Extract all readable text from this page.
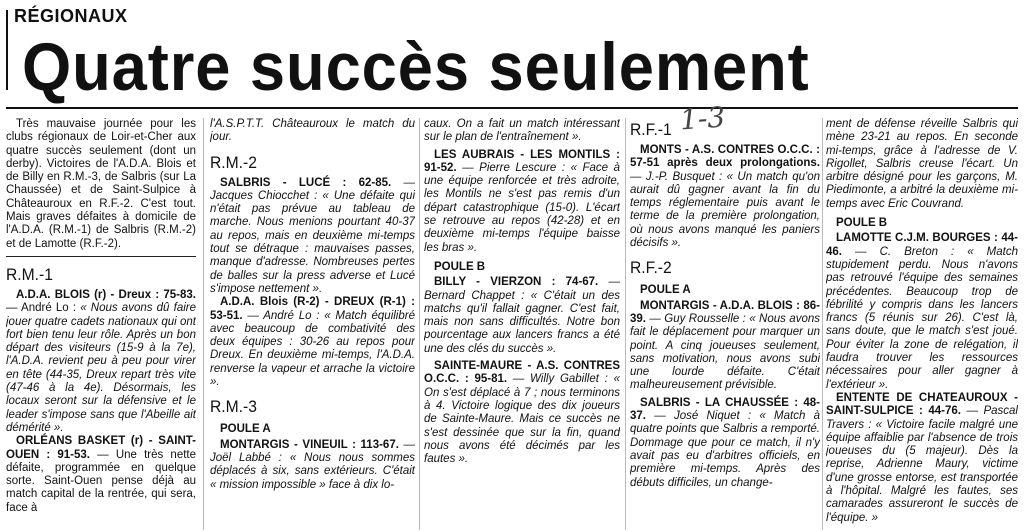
RÉGIONAUX
Quatre succès seulement
1-3

Très mauvaise journée pour les clubs régionaux de Loir-et-Cher aux quatre succès seulement (dont un derby). Victoires de l'A.D.A. Blois et de Billy en R.M.-3, de Salbris (sur La Chaussée) et de Saint-Sulpice à Châteauroux en R.F.-2. C'est tout. Mais graves défaites à domicile de l'A.D.A. (R.M.-1) de Salbris (R.M.-2) et de Lamotte (R.F.-2).

R.M.-1

A.D.A. BLOIS (r) - Dreux : 75-83. — André Lo : « Nous avons dû faire jouer quatre cadets nationaux qui ont fort bien tenu leur rôle. Après un bon départ des visiteurs (15-9 à la 7e), l'A.D.A. revient peu à peu pour virer en tête (44-35, Dreux repart très vite (47-46 à la 4e). Désormais, les locaux seront sur la défensive et le leader s'impose sans que l'Abeille ait démérité ».

ORLÉANS BASKET (r) - SAINT-OUEN : 91-53. — Une très nette défaite, programmée en quelque sorte. Saint-Ouen pense déjà au match capital de la rentrée, qui sera, face à

l'A.S.P.T.T. Châteauroux le match du jour.

R.M.-2

SALBRIS - LUCÉ : 62-85. — Jacques Chiocchet : « Une défaite qui n'était pas prévue au tableau de marche. Nous menions pourtant 40-37 au repos, mais en deuxième mi-temps tout se détraque : mauvaises passes, manque d'adresse. Nombreuses pertes de balles sur la press adverse et Lucé s'impose nettement ».

A.D.A. Blois (R-2) - DREUX (R-1) : 53-51. — André Lo : « Match équilibré avec beaucoup de combativité des deux équipes : 30-26 au repos pour Dreux. En deuxième mi-temps, l'A.D.A. renverse la vapeur et arrache la victoire ».

R.M.-3
POULE A

MONTARGIS - VINEUIL : 113-67. — Joël Labbé : « Nous nous sommes déplacés à six, sans extérieurs. C'était « mission impossible » face à dix lo-

caux. On a fait un match intéressant sur le plan de l'entraînement ».

LES AUBRAIS - LES MONTILS : 91-52. — Pierre Lescure : « Face à une équipe renforcée et très adroite, les Montils ne s'est pas remis d'un départ catastrophique (15-0). L'écart se retrouve au repos (42-28) et en deuxième mi-temps l'équipe baisse les bras ».

POULE B

BILLY - VIERZON : 74-67. — Bernard Chappet : « C'était un des matchs qu'il fallait gagner. C'est fait, mais non sans difficultés. Notre bon pourcentage aux lancers francs a été une des clés du succès ».

SAINTE-MAURE - A.S. CONTRES O.C.C. : 95-81. — Willy Gabillet : « On s'est déplacé à 7 ; nous terminons à 4. Victoire logique des dix joueurs de Sainte-Maure. Mais ce succès ne s'est dessinée que sur la fin, quand nous avons été décimés par les fautes ».

R.F.-1

MONTS - A.S. CONTRES O.C.C. : 57-51 après deux prolongations. — J.-P. Busquet : « Un match qu'on aurait dû gagner avant la fin du temps réglementaire puis avant le terme de la première prolongation, où nous avons manqué les paniers décisifs ».

R.F.-2
POULE A

MONTARGIS - A.D.A. BLOIS : 86-39. — Guy Rousselle : « Nous avons fait le déplacement pour marquer un point. A cinq joueuses seulement, sans motivation, nous avons subi une lourde défaite. C'était malheureusement prévisible.

SALBRIS - LA CHAUSSÉE : 48-37. — José Niquet : « Match à quatre points que Salbris a remporté. Dommage que pour ce match, il n'y avait pas eu d'arbitres officiels, en première mi-temps. Après des débuts difficiles, un change-

ment de défense réveille Salbris qui mène 23-21 au repos. En seconde mi-temps, grâce à l'adresse de V. Rigollet, Salbris creuse l'écart. Un arbitre désigné pour les garçons, M. Piedimonte, a arbitré la deuxième mi-temps avec Eric Couvrand.

POULE B

LAMOTTE C.J.M. BOURGES : 44-46. — C. Breton : « Match stupidement perdu. Nous n'avons pas retrouvé l'équipe des semaines précédentes. Beaucoup trop de fébrilité y compris dans les lancers francs (5 réunis sur 26). C'est là, sans doute, que le match s'est joué. Pour éviter la zone de relégation, il faudra trouver les ressources nécessaires pour aller gagner à l'extérieur ».

ENTENTE DE CHATEAUROUX - SAINT-SULPICE : 44-76. — Pascal Travers : « Victoire facile malgré une équipe affaiblie par l'absence de trois joueuses du (5 majeur). Dès la reprise, Adrienne Maury, victime d'une grosse entorse, est transportée à l'hôpital. Malgré les fautes, ses camarades assureront le succès de l'équipe. »
